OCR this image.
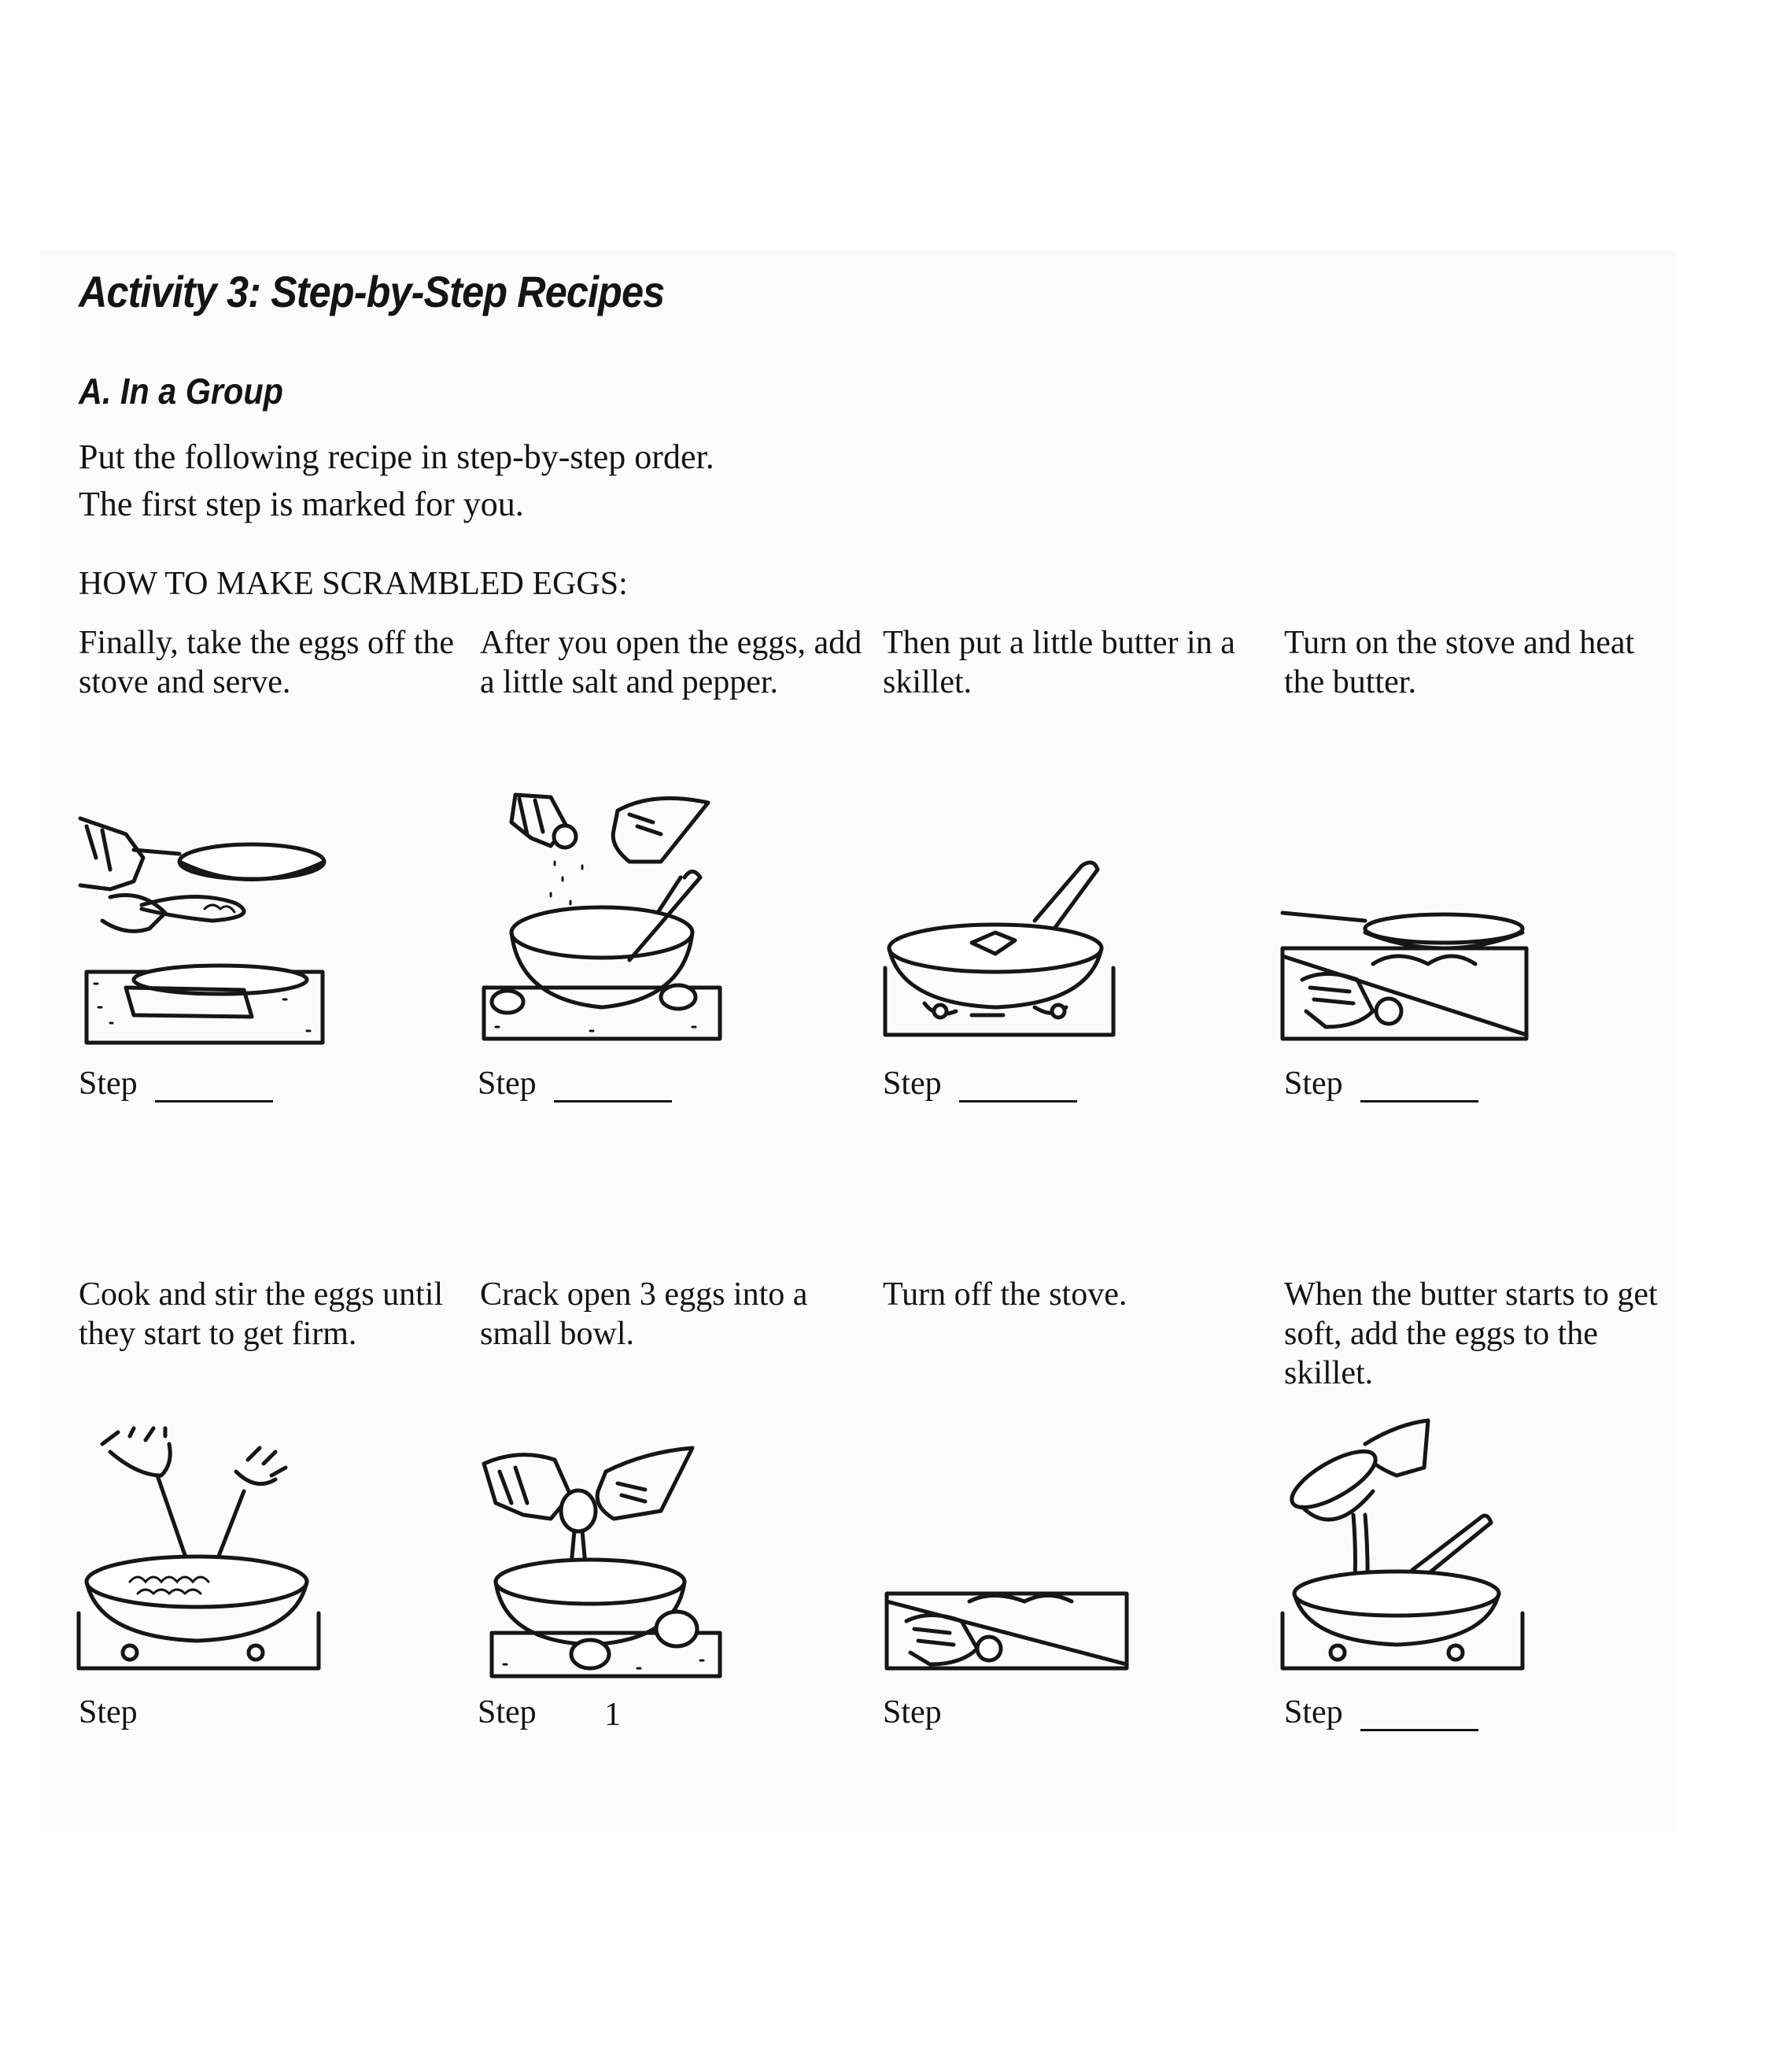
Activity 3: Step-by-Step Recipes
A. In a Group
Put the following recipe in step-by-step order.
The first step is marked for you.
HOW TO MAKE SCRAMBLED EGGS:
Finally, take the eggs off the stove and serve.
After you open the eggs, add a little salt and pepper.
Then put a little butter in a skillet.
Turn on the stove and heat the butter.
Step	Step	Step	Step
Cook and stir the eggs until they start to get firm.
Crack open 3 eggs into a small bowl.
Turn off the stove.	When the butter starts to get soft, add the eggs to the skillet.
Step	Step	1	Step	Step
